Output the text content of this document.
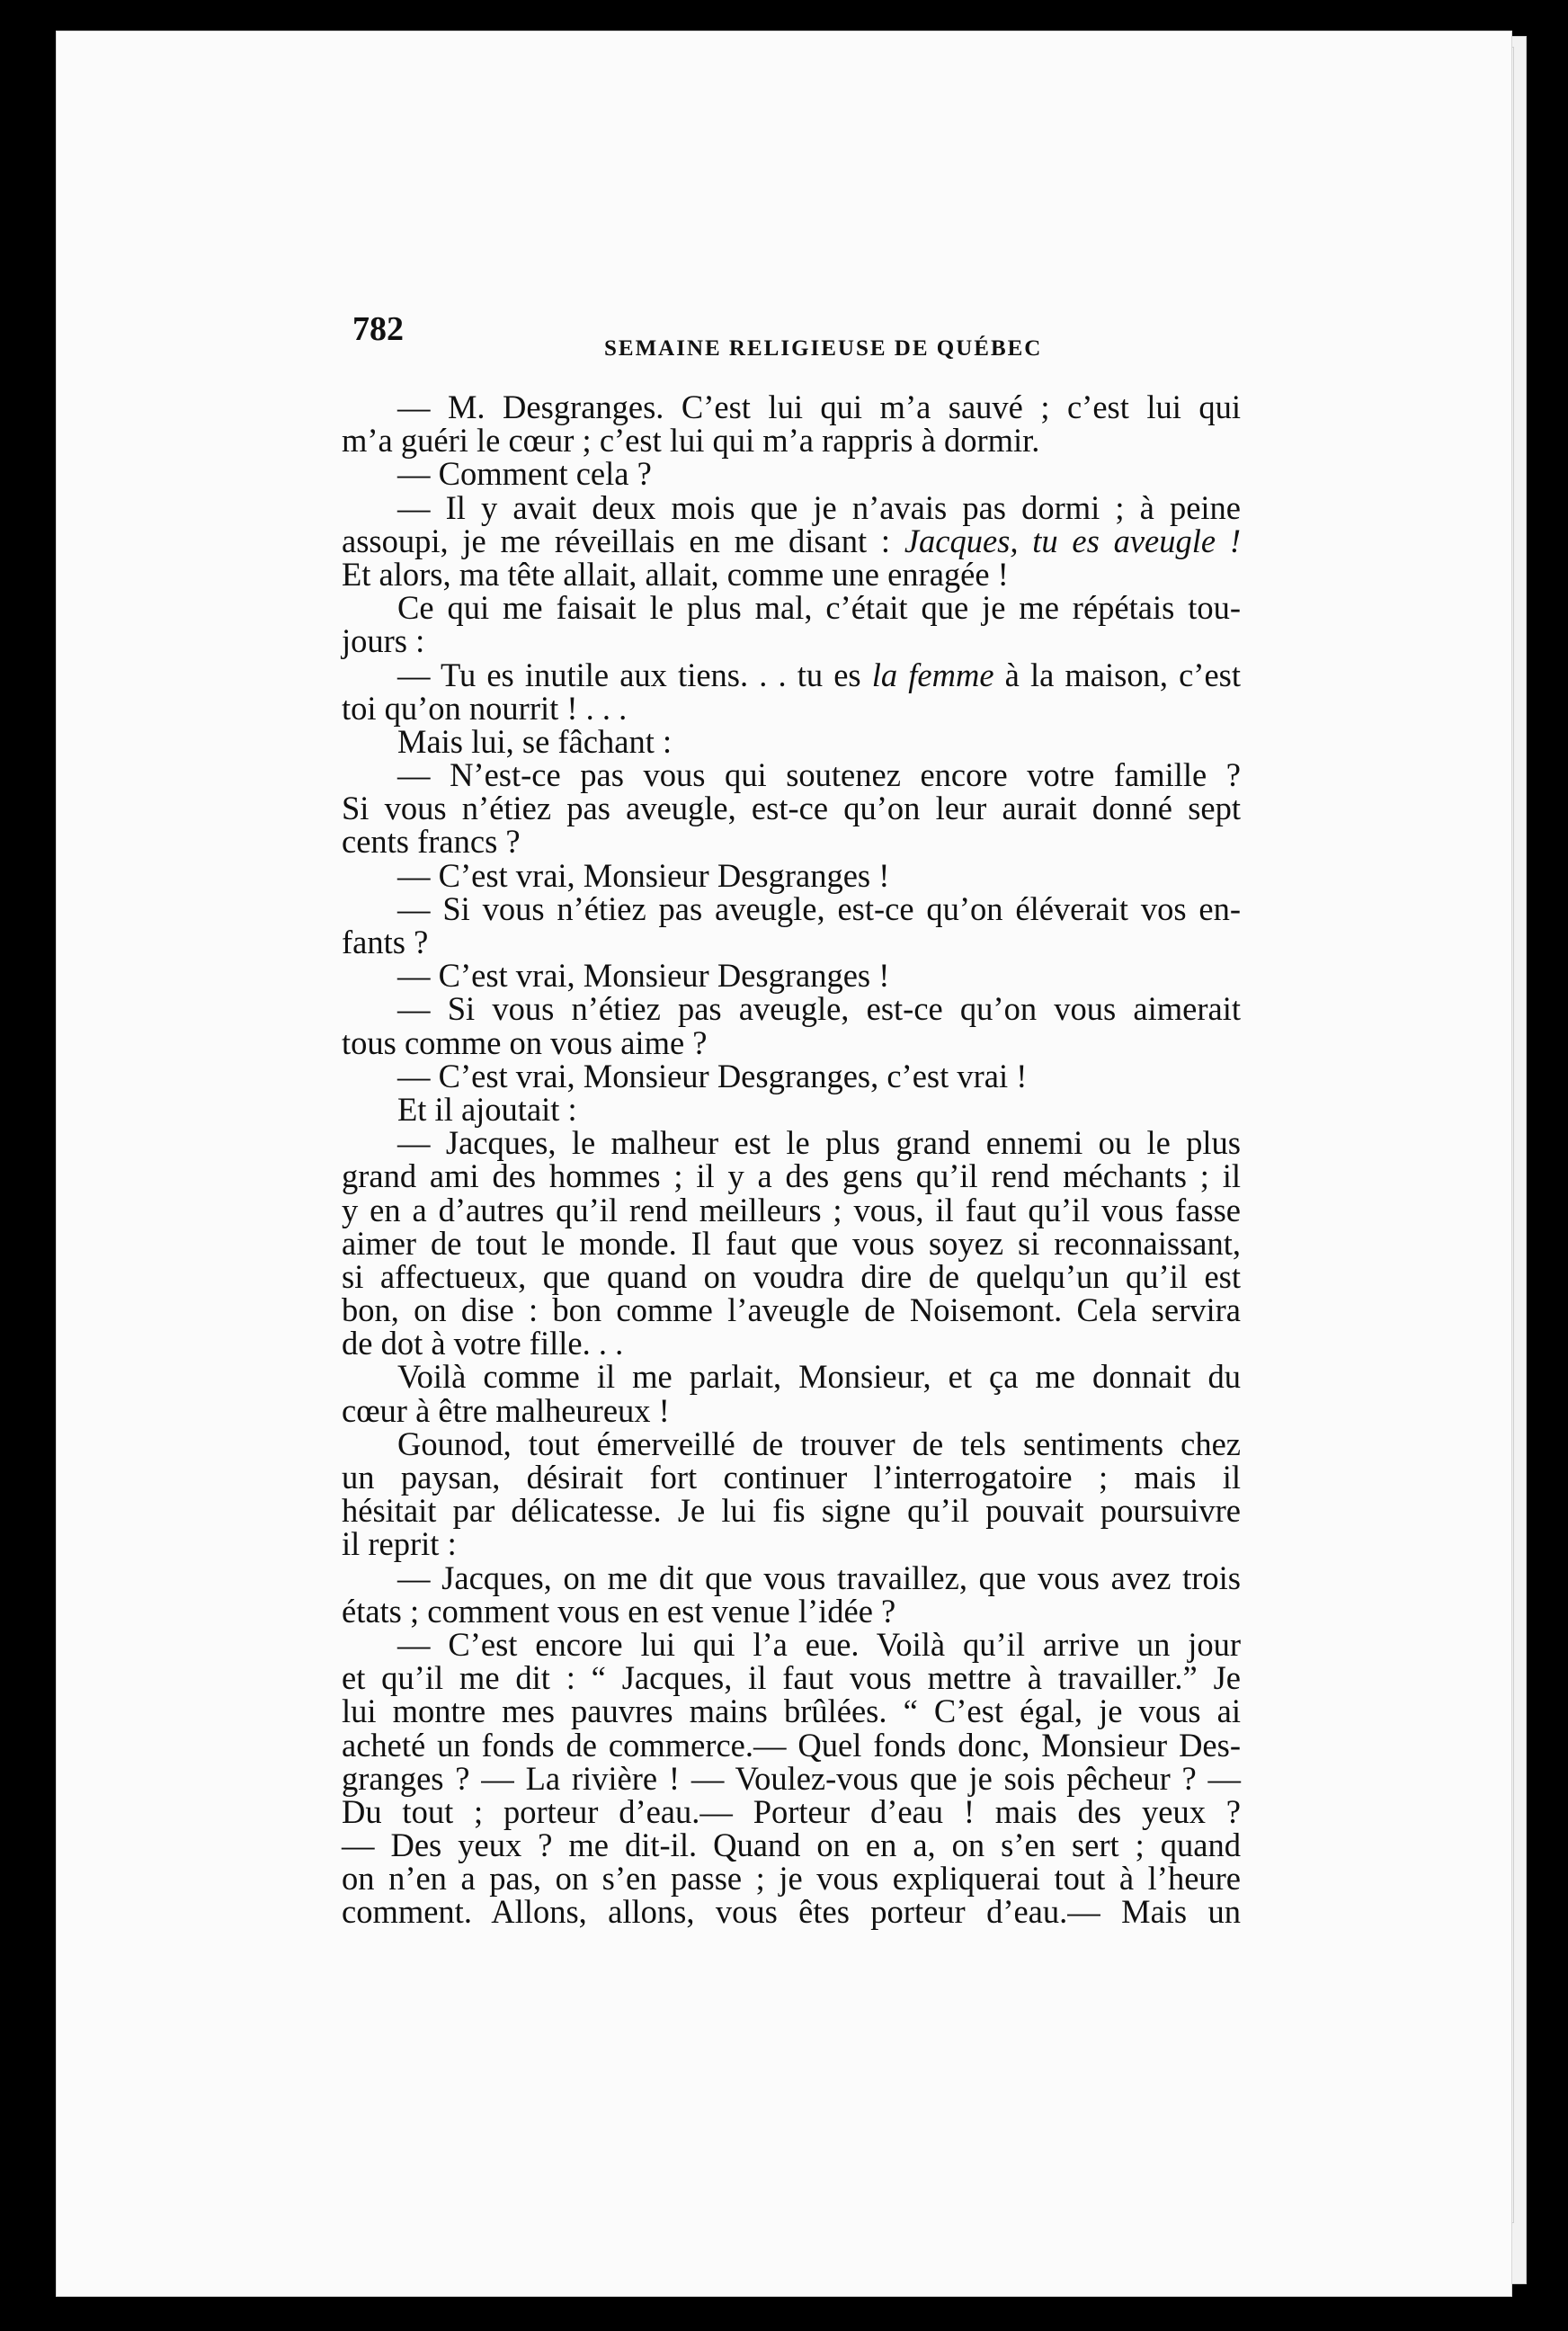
782
SEMAINE RELIGIEUSE DE QUÉBEC
— M. Desgranges. C’est lui qui m’a sauvé ; c’est lui qui
m’a guéri le cœur ; c’est lui qui m’a rappris à dormir.
— Comment cela ?
— Il y avait deux mois que je n’avais pas dormi ; à peine
assoupi, je me réveillais en me disant : Jacques, tu es aveugle !
Et alors, ma tête allait, allait, comme une enragée !
Ce qui me faisait le plus mal, c’était que je me répétais tou-
jours :
— Tu es inutile aux tiens. . . tu es la femme à la maison, c’est
toi qu’on nourrit ! . . .
Mais lui, se fâchant :
— N’est-ce pas vous qui soutenez encore votre famille ?
Si vous n’étiez pas aveugle, est-ce qu’on leur aurait donné sept
cents francs ?
— C’est vrai, Monsieur Desgranges !
— Si vous n’étiez pas aveugle, est-ce qu’on éléverait vos en-
fants ?
— C’est vrai, Monsieur Desgranges !
— Si vous n’étiez pas aveugle, est-ce qu’on vous aimerait
tous comme on vous aime ?
— C’est vrai, Monsieur Desgranges, c’est vrai !
Et il ajoutait :
— Jacques, le malheur est le plus grand ennemi ou le plus
grand ami des hommes ; il y a des gens qu’il rend méchants ; il
y en a d’autres qu’il rend meilleurs ; vous, il faut qu’il vous fasse
aimer de tout le monde. Il faut que vous soyez si reconnaissant,
si affectueux, que quand on voudra dire de quelqu’un qu’il est
bon, on dise : bon comme l’aveugle de Noisemont. Cela servira
de dot à votre fille. . .
Voilà comme il me parlait, Monsieur, et ça me donnait du
cœur à être malheureux !
Gounod, tout émerveillé de trouver de tels sentiments chez
un paysan, désirait fort continuer l’interrogatoire ; mais il
hésitait par délicatesse. Je lui fis signe qu’il pouvait poursuivre
il reprit :
— Jacques, on me dit que vous travaillez, que vous avez trois
états ; comment vous en est venue l’idée ?
— C’est encore lui qui l’a eue. Voilà qu’il arrive un jour
et qu’il me dit : “ Jacques, il faut vous mettre à travailler.” Je
lui montre mes pauvres mains brûlées. “ C’est égal, je vous ai
acheté un fonds de commerce.— Quel fonds donc, Monsieur Des-
granges ? — La rivière ! — Voulez-vous que je sois pêcheur ? —
Du tout ; porteur d’eau.— Porteur d’eau ! mais des yeux ?
— Des yeux ? me dit-il. Quand on en a, on s’en sert ; quand
on n’en a pas, on s’en passe ; je vous expliquerai tout à l’heure
comment. Allons, allons, vous êtes porteur d’eau.— Mais un
